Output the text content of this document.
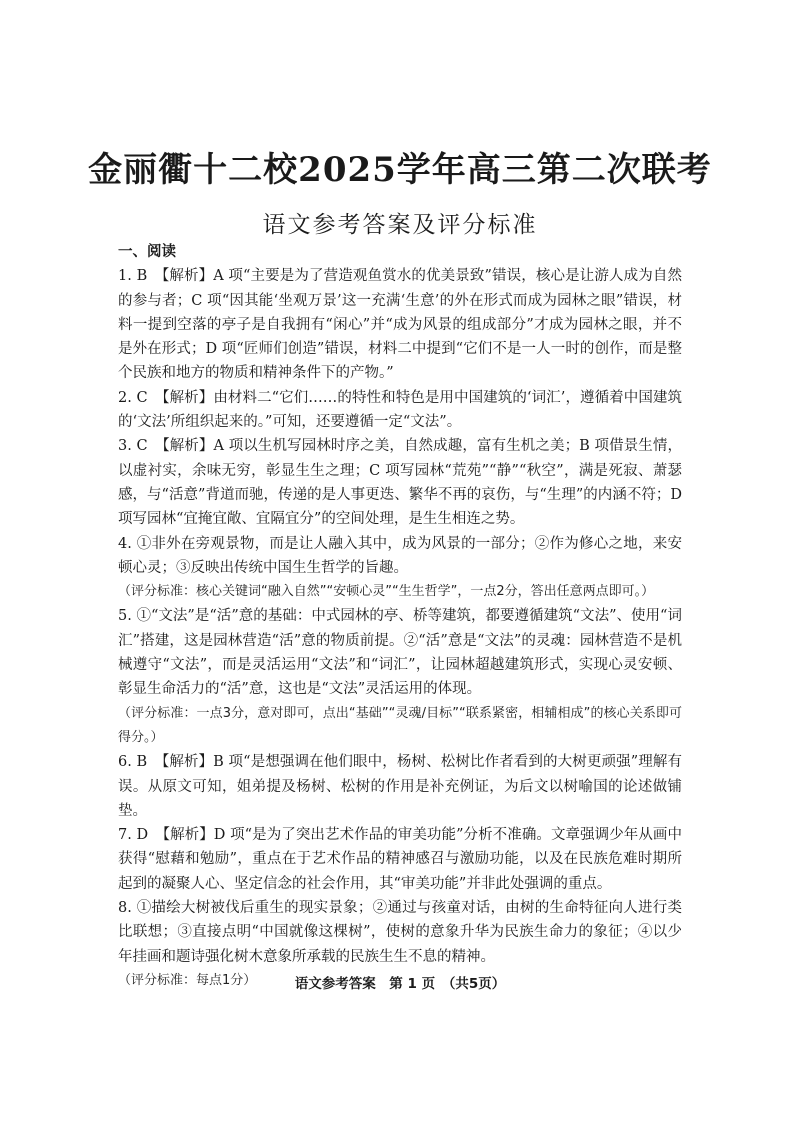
金丽衢十二校2025学年高三第二次联考
语文参考答案及评分标准

一、阅读

1. B　【解析】A 项“主要是为了营造观鱼赏水的优美景致”错误，核心是让游人成为自然的参与者；C 项“因其能‘坐观万景’这一充满‘生意’的外在形式而成为园林之眼”错误，材料一提到空落的亭子是自我拥有“闲心”并“成为风景的组成部分”才成为园林之眼，并不是外在形式；D 项“匠师们创造”错误，材料二中提到“它们不是一人一时的创作，而是整个民族和地方的物质和精神条件下的产物。”

2. C　【解析】由材料二“它们……的特性和特色是用中国建筑的‘词汇’，遵循着中国建筑的‘文法’所组织起来的。”可知，还要遵循一定“文法”。

3. C　【解析】A 项以生机写园林时序之美，自然成趣，富有生机之美；B 项借景生情，以虚衬实，余味无穷，彰显生生之理；C 项写园林“荒苑”“静”“秋空”，满是死寂、萧瑟感，与“活意”背道而驰，传递的是人事更迭、繁华不再的哀伤，与“生理”的内涵不符；D 项写园林“宜掩宜敞、宜隔宜分”的空间处理，是生生相连之势。

4. ①非外在旁观景物，而是让人融入其中，成为风景的一部分；②作为修心之地，来安顿心灵；③反映出传统中国生生哲学的旨趣。

（评分标准：核心关键词“融入自然”“安顿心灵”“生生哲学”，一点2分，答出任意两点即可。）

5. ①“文法”是“活”意的基础：中式园林的亭、桥等建筑，都要遵循建筑“文法”、使用“词汇”搭建，这是园林营造“活”意的物质前提。②“活”意是“文法”的灵魂：园林营造不是机械遵守“文法”，而是灵活运用“文法”和“词汇”，让园林超越建筑形式，实现心灵安顿、彰显生命活力的“活”意，这也是“文法”灵活运用的体现。

（评分标准：一点3分，意对即可，点出“基础”“灵魂/目标”“联系紧密，相辅相成”的核心关系即可得分。）

6. B　【解析】B 项“是想强调在他们眼中，杨树、松树比作者看到的大树更顽强”理解有误。从原文可知，姐弟提及杨树、松树的作用是补充例证，为后文以树喻国的论述做铺垫。

7. D　【解析】D 项“是为了突出艺术作品的审美功能”分析不准确。文章强调少年从画中获得“慰藉和勉励”，重点在于艺术作品的精神感召与激励功能，以及在民族危难时期所起到的凝聚人心、坚定信念的社会作用，其“审美功能”并非此处强调的重点。

8. ①描绘大树被伐后重生的现实景象；②通过与孩童对话，由树的生命特征向人进行类比联想；③直接点明“中国就像这棵树”，使树的意象升华为民族生命力的象征；④以少年挂画和题诗强化树木意象所承载的民族生生不息的精神。

（评分标准：每点1分）	语文参考答案　第 1 页　（共5页）
